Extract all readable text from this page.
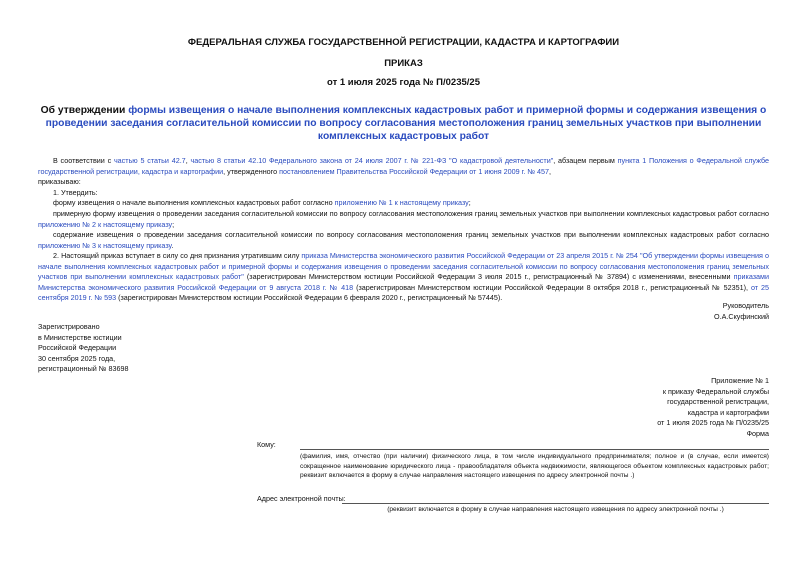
ФЕДЕРАЛЬНАЯ СЛУЖБА ГОСУДАРСТВЕННОЙ РЕГИСТРАЦИИ, КАДАСТРА И КАРТОГРАФИИ
ПРИКАЗ
от 1 июля 2025 года № П/0235/25
Об утверждении формы извещения о начале выполнения комплексных кадастровых работ и примерной формы и содержания извещения о проведении заседания согласительной комиссии по вопросу согласования местоположения границ земельных участков при выполнении комплексных кадастровых работ
В соответствии с частью 5 статьи 42.7, частью 8 статьи 42.10 Федерального закона от 24 июля 2007 г. № 221-ФЗ "О кадастровой деятельности", абзацем первым пункта 1 Положения о Федеральной службе государственной регистрации, кадастра и картографии, утвержденного постановлением Правительства Российской Федерации от 1 июня 2009 г. № 457,
приказываю:
1. Утвердить:
форму извещения о начале выполнения комплексных кадастровых работ согласно приложению № 1 к настоящему приказу;
примерную форму извещения о проведении заседания согласительной комиссии по вопросу согласования местоположения границ земельных участков при выполнении комплексных кадастровых работ согласно приложению № 2 к настоящему приказу;
содержание извещения о проведении заседания согласительной комиссии по вопросу согласования местоположения границ земельных участков при выполнении комплексных кадастровых работ согласно приложению № 3 к настоящему приказу.
2. Настоящий приказ вступает в силу со дня признания утратившим силу приказа Министерства экономического развития Российской Федерации от 23 апреля 2015 г. № 254 "Об утверждении формы извещения о начале выполнения комплексных кадастровых работ и примерной формы и содержания извещения о проведении заседания согласительной комиссии по вопросу согласования местоположения границ земельных участков при выполнении комплексных кадастровых работ" (зарегистрирован Министерством юстиции Российской Федерации 3 июля 2015 г., регистрационный № 37894) с изменениями, внесенными приказами Министерства экономического развития Российской Федерации от 9 августа 2018 г. № 418 (зарегистрирован Министерством юстиции Российской Федерации 8 октября 2018 г., регистрационный № 52351), от 25 сентября 2019 г. № 593 (зарегистрирован Министерством юстиции Российской Федерации 6 февраля 2020 г., регистрационный № 57445).
Руководитель
О.А.Скуфинский
Зарегистрировано
в Министерстве юстиции
Российской Федерации
30 сентября 2025 года,
регистрационный № 83698
Приложение № 1
к приказу Федеральной службы
государственной регистрации,
кадастра и картографии
от 1 июля 2025 года № П/0235/25
Форма
Кому:
(фамилия, имя, отчество (при наличии) физического лица, в том числе индивидуального предпринимателя; полное и (в случае, если имеется) сокращенное наименование юридического лица - правообладателя объекта недвижимости, являющегося объектом комплексных кадастровых работ; реквизит включается в форму в случае направления настоящего извещения по адресу электронной почты .)
Адрес электронной почты:
(реквизит включается в форму в случае направления настоящего извещения по адресу электронной почты .)
